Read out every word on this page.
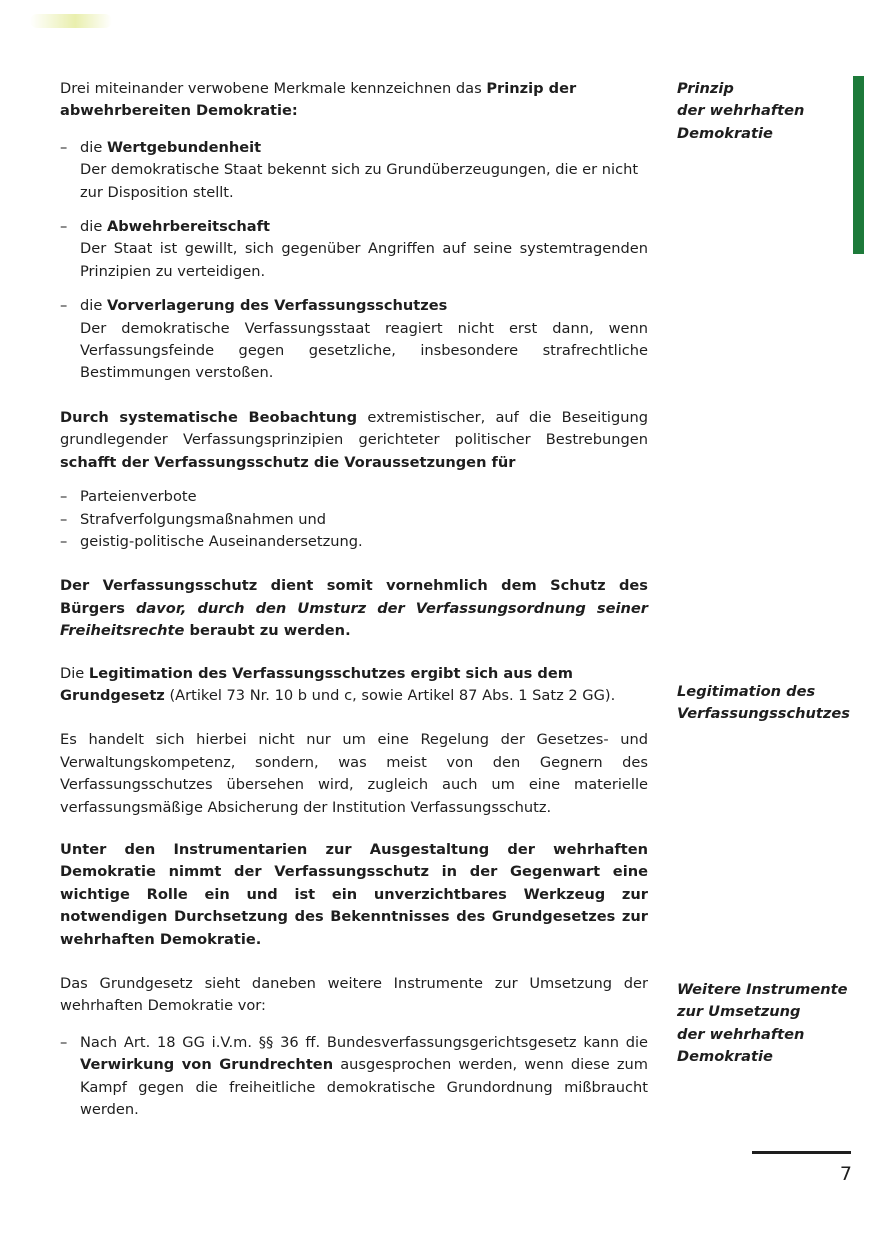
Drei miteinander verwobene Merkmale kennzeichnen das Prinzip der abwehrbereiten Demokratie:

– die Wertgebundenheit
Der demokratische Staat bekennt sich zu Grundüberzeugungen, die er nicht zur Disposition stellt.
– die Abwehrbereitschaft
Der Staat ist gewillt, sich gegenüber Angriffen auf seine systemtragenden Prinzipien zu verteidigen.
– die Vorverlagerung des Verfassungsschutzes
Der demokratische Verfassungsstaat reagiert nicht erst dann, wenn Verfassungsfeinde gegen gesetzliche, insbesondere strafrechtliche Bestimmungen verstoßen.

Durch systematische Beobachtung extremistischer, auf die Beseitigung grundlegender Verfassungsprinzipien gerichteter politischer Bestrebungen schafft der Verfassungsschutz die Voraussetzungen für

– Parteienverbote
– Strafverfolgungsmaßnahmen und
– geistig-politische Auseinandersetzung.

Der Verfassungsschutz dient somit vornehmlich dem Schutz des Bürgers davor, durch den Umsturz der Verfassungsordnung seiner Freiheitsrechte beraubt zu werden.

Die Legitimation des Verfassungsschutzes ergibt sich aus dem Grundgesetz (Artikel 73 Nr. 10 b und c, sowie Artikel 87 Abs. 1 Satz 2 GG).

Es handelt sich hierbei nicht nur um eine Regelung der Gesetzes- und Verwaltungskompetenz, sondern, was meist von den Gegnern des Verfassungsschutzes übersehen wird, zugleich auch um eine materielle verfassungsmäßige Absicherung der Institution Verfassungsschutz.

Unter den Instrumentarien zur Ausgestaltung der wehrhaften Demokratie nimmt der Verfassungsschutz in der Gegenwart eine wichtige Rolle ein und ist ein unverzichtbares Werkzeug zur notwendigen Durchsetzung des Bekenntnisses des Grundgesetzes zur wehrhaften Demokratie.

Das Grundgesetz sieht daneben weitere Instrumente zur Umsetzung der wehrhaften Demokratie vor:

– Nach Art. 18 GG i.V.m. §§ 36 ff. Bundesverfassungsgerichtsgesetz kann die Verwirkung von Grundrechten ausgesprochen werden, wenn diese zum Kampf gegen die freiheitliche demokratische Grundordnung mißbraucht werden.
Prinzip
der wehrhaften
Demokratie
Legitimation des
Verfassungsschutzes
Weitere Instrumente
zur Umsetzung
der wehrhaften
Demokratie
7
